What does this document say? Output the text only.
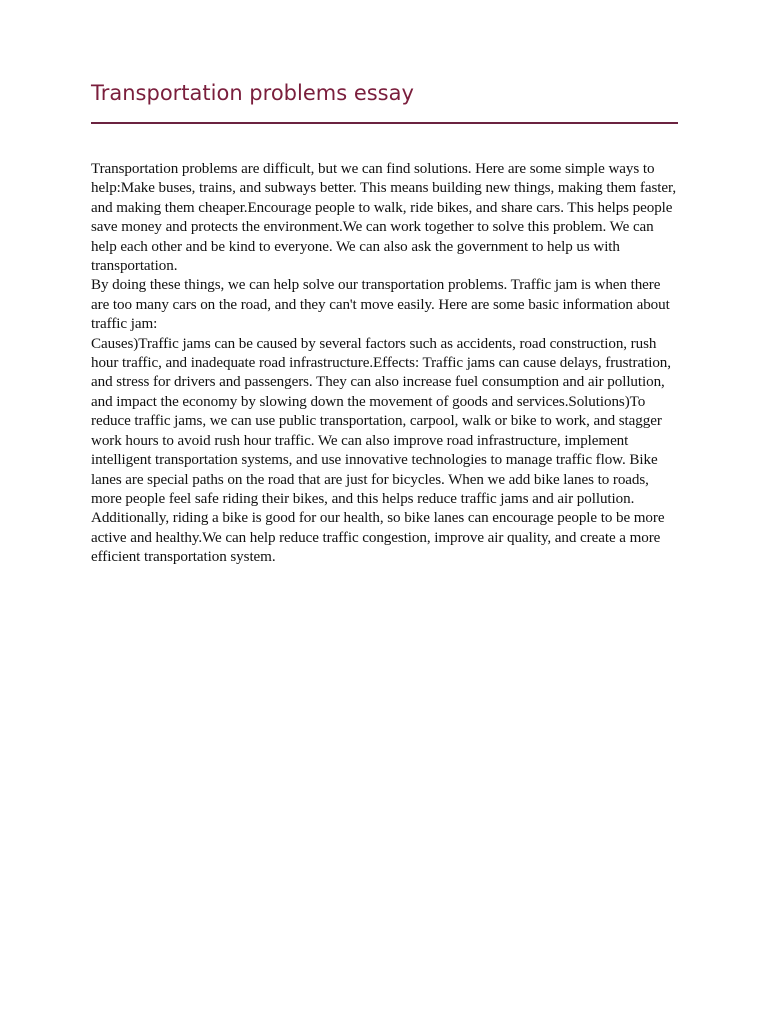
Transportation problems essay

Transportation problems are difficult, but we can find solutions. Here are some simple ways to help:Make buses, trains, and subways better. This means building new things, making them faster, and making them cheaper.Encourage people to walk, ride bikes, and share cars. This helps people save money and protects the environment.We can work together to solve this problem. We can help each other and be kind to everyone. We can also ask the government to help us with transportation.

By doing these things, we can help solve our transportation problems. Traffic jam is when there are too many cars on the road, and they can't move easily. Here are some basic information about traffic jam:

Causes)Traffic jams can be caused by several factors such as accidents, road construction, rush hour traffic, and inadequate road infrastructure.Effects: Traffic jams can cause delays, frustration, and stress for drivers and passengers. They can also increase fuel consumption and air pollution, and impact the economy by slowing down the movement of goods and services.Solutions)To reduce traffic jams, we can use public transportation, carpool, walk or bike to work, and stagger work hours to avoid rush hour traffic. We can also improve road infrastructure, implement intelligent transportation systems, and use innovative technologies to manage traffic flow. Bike lanes are special paths on the road that are just for bicycles. When we add bike lanes to roads, more people feel safe riding their bikes, and this helps reduce traffic jams and air pollution. Additionally, riding a bike is good for our health, so bike lanes can encourage people to be more active and healthy.We can help reduce traffic congestion, improve air quality, and create a more efficient transportation system.
